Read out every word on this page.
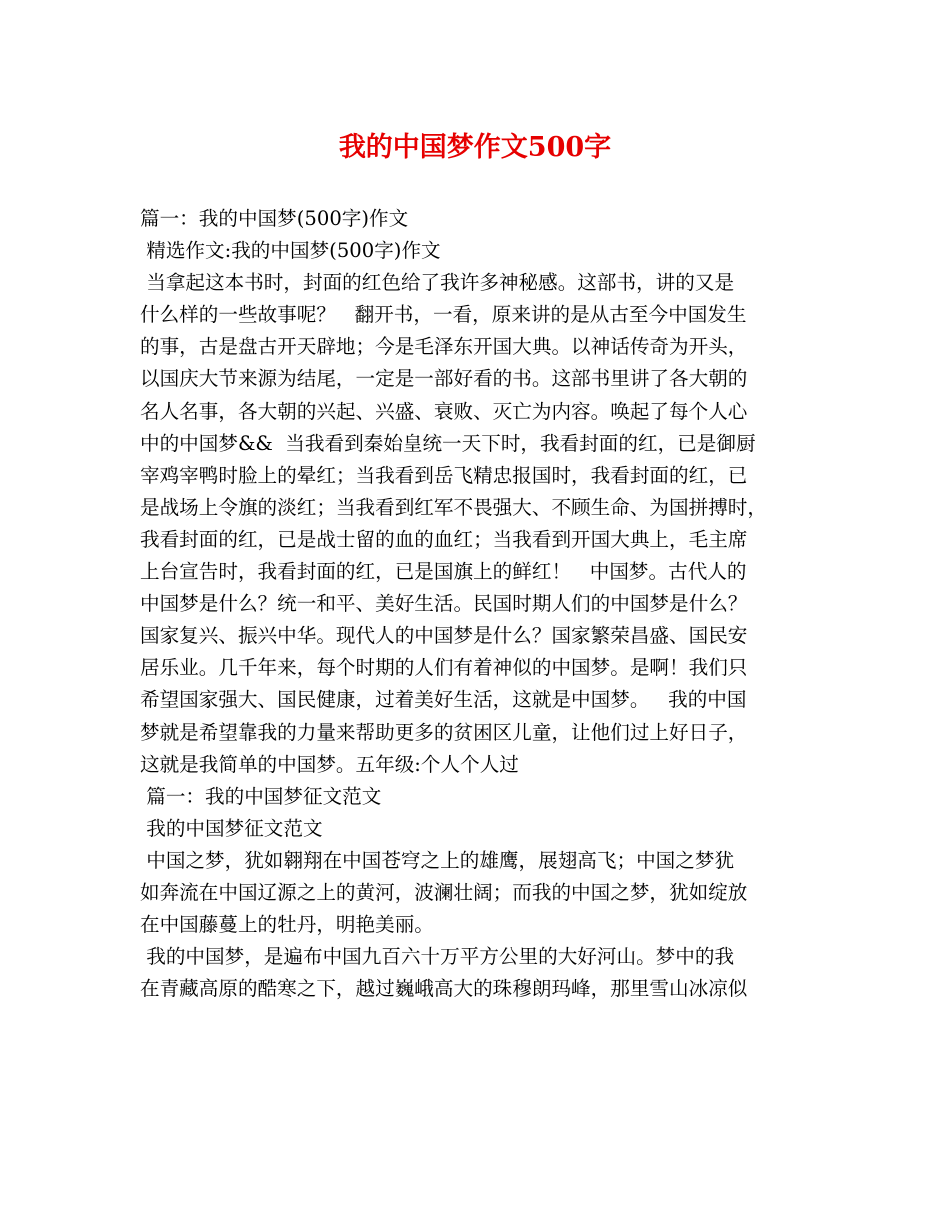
我的中国梦作文500字
篇一：我的中国梦(500字)作文
精选作文:我的中国梦(500字)作文
当拿起这本书时，封面的红色给了我许多神秘感。这部书，讲的又是
什么样的一些故事呢？   翻开书，一看，原来讲的是从古至今中国发生
的事，古是盘古开天辟地；今是毛泽东开国大典。以神话传奇为开头，
以国庆大节来源为结尾，一定是一部好看的书。这部书里讲了各大朝的
名人名事，各大朝的兴起、兴盛、衰败、灭亡为内容。唤起了每个人心
中的中国梦&&  当我看到秦始皇统一天下时，我看封面的红，已是御厨
宰鸡宰鸭时脸上的晕红；当我看到岳飞精忠报国时，我看封面的红，已
是战场上令旗的淡红；当我看到红军不畏强大、不顾生命、为国拼搏时，
我看封面的红，已是战士留的血的血红；当我看到开国大典上，毛主席
上台宣告时，我看封面的红，已是国旗上的鲜红！   中国梦。古代人的
中国梦是什么？统一和平、美好生活。民国时期人们的中国梦是什么？
国家复兴、振兴中华。现代人的中国梦是什么？国家繁荣昌盛、国民安
居乐业。几千年来，每个时期的人们有着神似的中国梦。是啊！我们只
希望国家强大、国民健康，过着美好生活，这就是中国梦。   我的中国
梦就是希望靠我的力量来帮助更多的贫困区儿童，让他们过上好日子，
这就是我简单的中国梦。五年级:个人个人过
篇一：我的中国梦征文范文
我的中国梦征文范文
中国之梦，犹如翱翔在中国苍穹之上的雄鹰，展翅高飞；中国之梦犹
如奔流在中国辽源之上的黄河，波澜壮阔；而我的中国之梦，犹如绽放
在中国藤蔓上的牡丹，明艳美丽。
我的中国梦，是遍布中国九百六十万平方公里的大好河山。梦中的我
在青藏高原的酷寒之下，越过巍峨高大的珠穆朗玛峰，那里雪山冰凉似
